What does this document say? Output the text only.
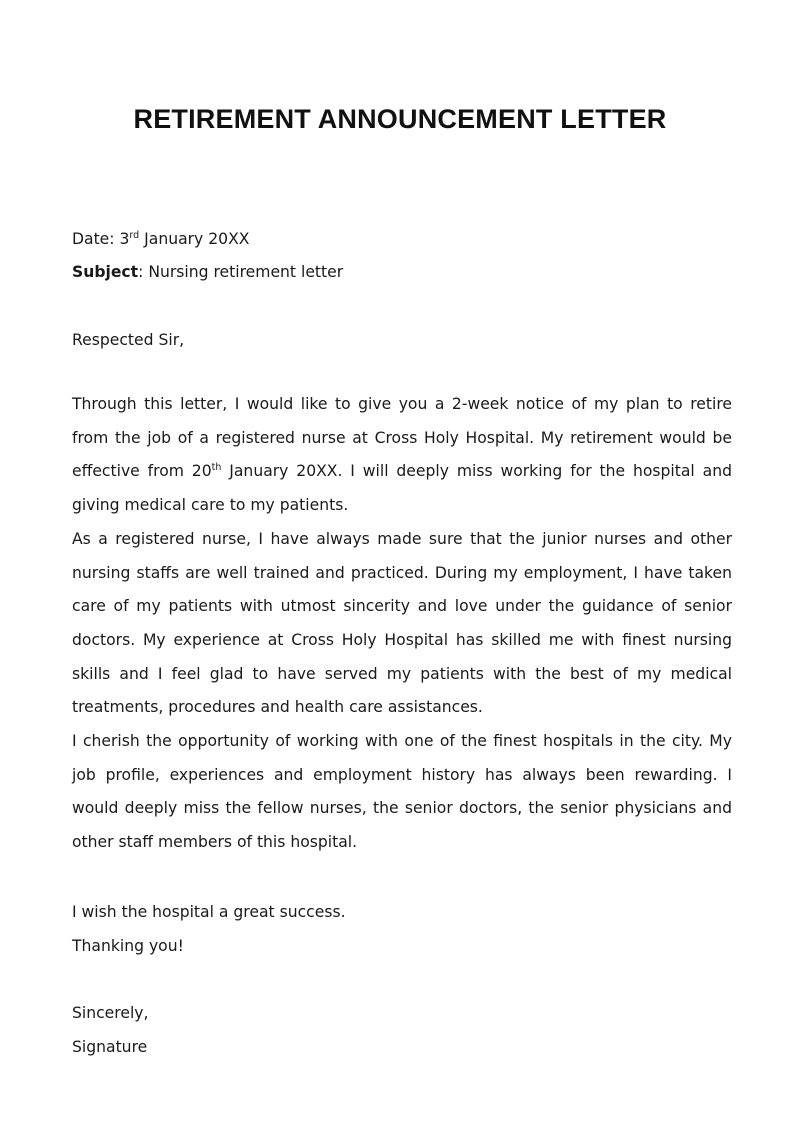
RETIREMENT ANNOUNCEMENT LETTER
Date: 3rd January 20XX
Subject: Nursing retirement letter
Respected Sir,

Through this letter, I would like to give you a 2-week notice of my plan to retire from the job of a registered nurse at Cross Holy Hospital. My retirement would be effective from 20th January 20XX. I will deeply miss working for the hospital and giving medical care to my patients.

As a registered nurse, I have always made sure that the junior nurses and other nursing staffs are well trained and practiced. During my employment, I have taken care of my patients with utmost sincerity and love under the guidance of senior doctors. My experience at Cross Holy Hospital has skilled me with finest nursing skills and I feel glad to have served my patients with the best of my medical treatments, procedures and health care assistances.

I cherish the opportunity of working with one of the finest hospitals in the city. My job profile, experiences and employment history has always been rewarding. I would deeply miss the fellow nurses, the senior doctors, the senior physicians and other staff members of this hospital.

I wish the hospital a great success.
Thanking you!
Sincerely,
Signature
